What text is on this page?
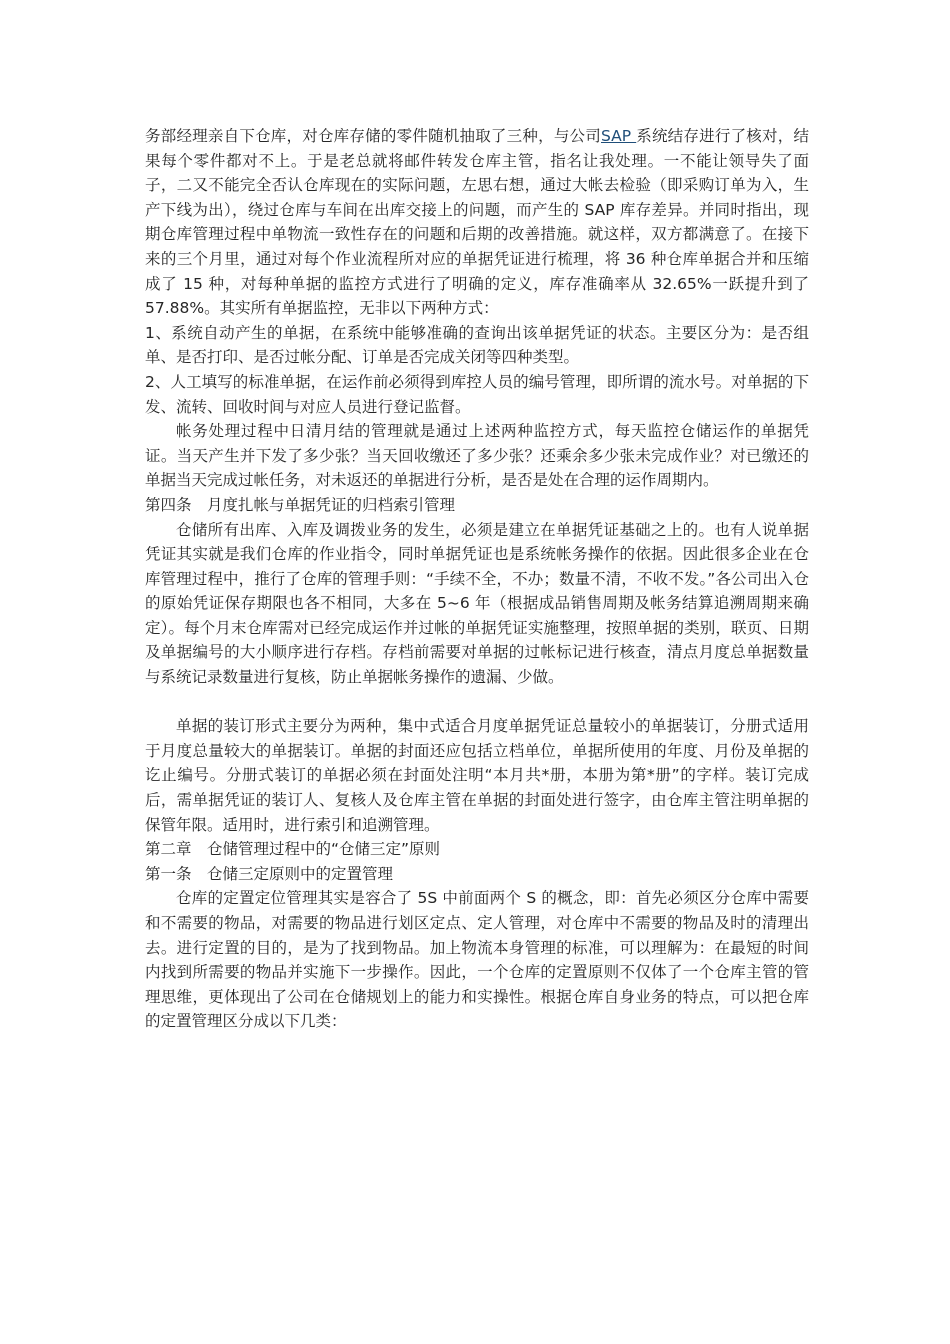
务部经理亲自下仓库，对仓库存储的零件随机抽取了三种，与公司SAP 系统结存进行了核对，结果每个零件都对不上。于是老总就将邮件转发仓库主管，指名让我处理。一不能让领导失了面子，二又不能完全否认仓库现在的实际问题，左思右想，通过大帐去检验（即采购订单为入，生产下线为出），绕过仓库与车间在出库交接上的问题，而产生的 SAP 库存差异。并同时指出，现期仓库管理过程中单物流一致性存在的问题和后期的改善措施。就这样，双方都满意了。在接下来的三个月里，通过对每个作业流程所对应的单据凭证进行梳理，将 36 种仓库单据合并和压缩成了 15 种，对每种单据的监控方式进行了明确的定义，库存准确率从 32.65%一跃提升到了 57.88%。其实所有单据监控，无非以下两种方式：

1、系统自动产生的单据，在系统中能够准确的查询出该单据凭证的状态。主要区分为：是否组单、是否打印、是否过帐分配、订单是否完成关闭等四种类型。

2、人工填写的标准单据，在运作前必须得到库控人员的编号管理，即所谓的流水号。对单据的下发、流转、回收时间与对应人员进行登记监督。

帐务处理过程中日清月结的管理就是通过上述两种监控方式，每天监控仓储运作的单据凭证。当天产生并下发了多少张？当天回收缴还了多少张？还乘余多少张未完成作业？对已缴还的单据当天完成过帐任务，对未返还的单据进行分析，是否是处在合理的运作周期内。

第四条　月度扎帐与单据凭证的归档索引管理

仓储所有出库、入库及调拨业务的发生，必须是建立在单据凭证基础之上的。也有人说单据凭证其实就是我们仓库的作业指令，同时单据凭证也是系统帐务操作的依据。因此很多企业在仓库管理过程中，推行了仓库的管理手则：“手续不全，不办；数量不清，不收不发。”各公司出入仓的原始凭证保存期限也各不相同，大多在 5~6 年（根据成品销售周期及帐务结算追溯周期来确定）。每个月末仓库需对已经完成运作并过帐的单据凭证实施整理，按照单据的类别，联页、日期及单据编号的大小顺序进行存档。存档前需要对单据的过帐标记进行核查，清点月度总单据数量与系统记录数量进行复核，防止单据帐务操作的遗漏、少做。

单据的装订形式主要分为两种，集中式适合月度单据凭证总量较小的单据装订，分册式适用于月度总量较大的单据装订。单据的封面还应包括立档单位，单据所使用的年度、月份及单据的讫止编号。分册式装订的单据必须在封面处注明“本月共*册，本册为第*册”的字样。装订完成后，需单据凭证的装订人、复核人及仓库主管在单据的封面处进行签字，由仓库主管注明单据的保管年限。适用时，进行索引和追溯管理。

第二章　仓储管理过程中的“仓储三定”原则

第一条　仓储三定原则中的定置管理

仓库的定置定位管理其实是容合了 5S 中前面两个 S 的概念，即：首先必须区分仓库中需要和不需要的物品，对需要的物品进行划区定点、定人管理，对仓库中不需要的物品及时的清理出去。进行定置的目的，是为了找到物品。加上物流本身管理的标准，可以理解为：在最短的时间内找到所需要的物品并实施下一步操作。因此，一个仓库的定置原则不仅体了一个仓库主管的管理思维，更体现出了公司在仓储规划上的能力和实操性。根据仓库自身业务的特点，可以把仓库的定置管理区分成以下几类：
